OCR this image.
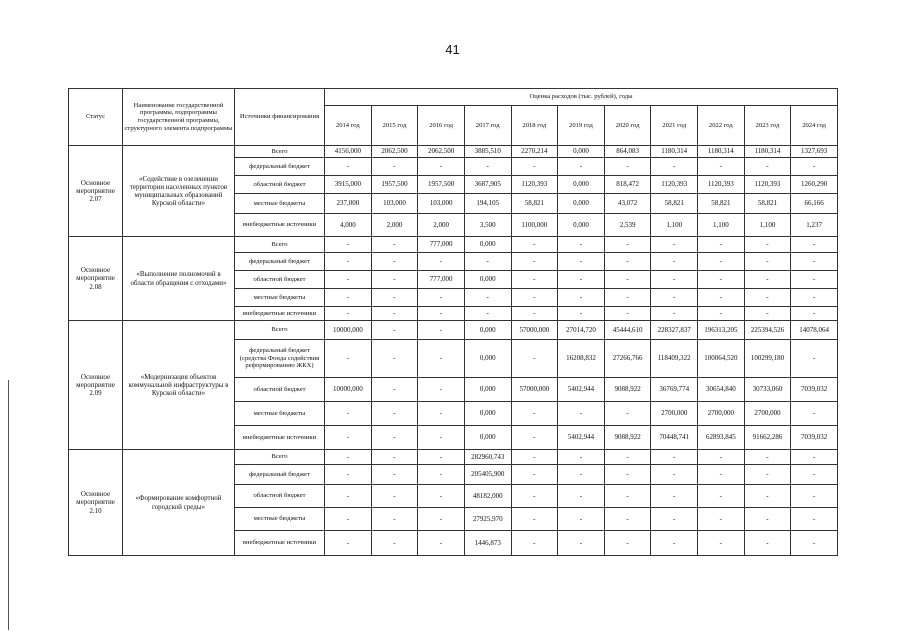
41
Статус	Наименование государственной программы, подпрограммы государственной программы, структурного элемента подпрограммы	Источники финансирования	Оценка расходов (тыс. рублей), годы										
			2014 год	2015 год	2016 год	2017 год	2018 год	2019 год	2020 год	2021 год	2022 год	2023 год	2024 год
Основное мероприятие 2.07	«Содействие в озеленении территории населенных пунктов муниципальных образований Курской области»	Всего	4156,000	2062,500	2062,500	3885,510	2270,214	0,000	864,083	1180,314	1180,314	1180,314	1327,693
		федеральный бюджет	-	-	-	-	-	-	-	-	-	-	-
		областной бюджет	3915,000	1957,500	1957,500	3687,905	1120,393	0,000	818,472	1120,393	1120,393	1120,393	1260,290
		местные бюджеты	237,000	103,000	103,000	194,105	58,821	0,000	43,072	58,821	58,821	58,821	66,166
		внебюджетные источники	4,000	2,000	2,000	3,500	1100,000	0,000	2,539	1,100	1,100	1,100	1,237
Основное мероприятие 2.08	«Выполнение полномочий в области обращения с отходами»	Всего	-	-	777,000	0,000	-	-	-	-	-	-	-
		федеральный бюджет	-	-	-	-	-	-	-	-	-	-	-
		областной бюджет	-	-	777,000	0,000	-	-	-	-	-	-	-
		местные бюджеты	-	-	-	-	-	-	-	-	-	-	-
		внебюджетные источники	-	-	-	-	-	-	-	-	-	-	-
Основное мероприятие 2.09	«Модернизация объектов коммунальной инфраструктуры в Курской области»	Всего	10000,000	-	-	0,000	57000,000	27014,720	45444,610	228327,837	196313,205	225394,526	14078,064
		федеральный бюджет (средства Фонда содействия реформированию ЖКХ)	-	-	-	0,000	-	16208,832	27266,766	118409,322	100064,520	100299,180	-
		областной бюджет	10000,000	-	-	0,000	57000,000	5402,944	9088,922	36769,774	30654,840	30733,060	7039,032
		местные бюджеты	-	-	-	0,000	-	-	-	2700,000	2700,000	2700,000	-
		внебюджетные источники	-	-	-	0,000	-	5402,944	9088,922	70448,741	62893,845	91662,286	7039,032
Основное мероприятие 2.10	«Формирование комфортной городской среды»	Всего	-	-	-	282960,743	-	-	-	-	-	-	-
		федеральный бюджет	-	-	-	205405,900	-	-	-	-	-	-	-
		областной бюджет	-	-	-	48182,000	-	-	-	-	-	-	-
		местные бюджеты	-	-	-	27925,970	-	-	-	-	-	-	-
		внебюджетные источники	-	-	-	1446,873	-	-	-	-	-	-	-
